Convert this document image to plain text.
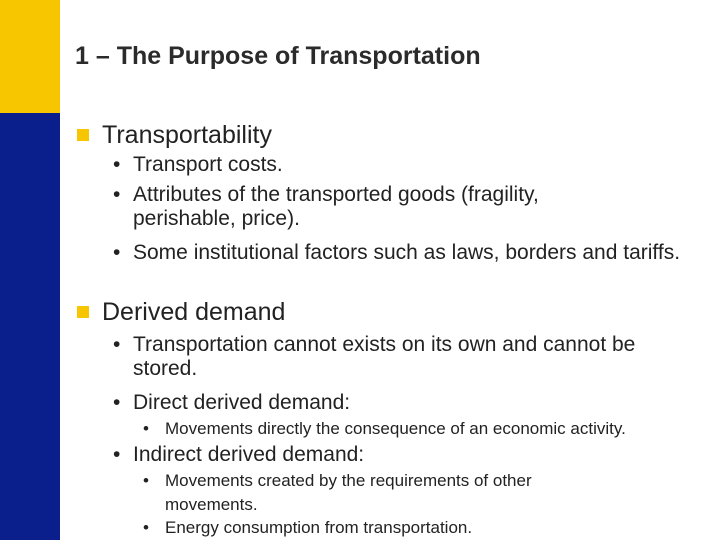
1 – The Purpose of Transportation
Transportability
• Transport costs.
• Attributes of the transported goods (fragility, perishable, price).
• Some institutional factors such as laws, borders and tariffs.
Derived demand
• Transportation cannot exists on its own and cannot be stored.
• Direct derived demand:
• Movements directly the consequence of an economic activity.
• Indirect derived demand:
• Movements created by the requirements of other movements.
• Energy consumption from transportation.
